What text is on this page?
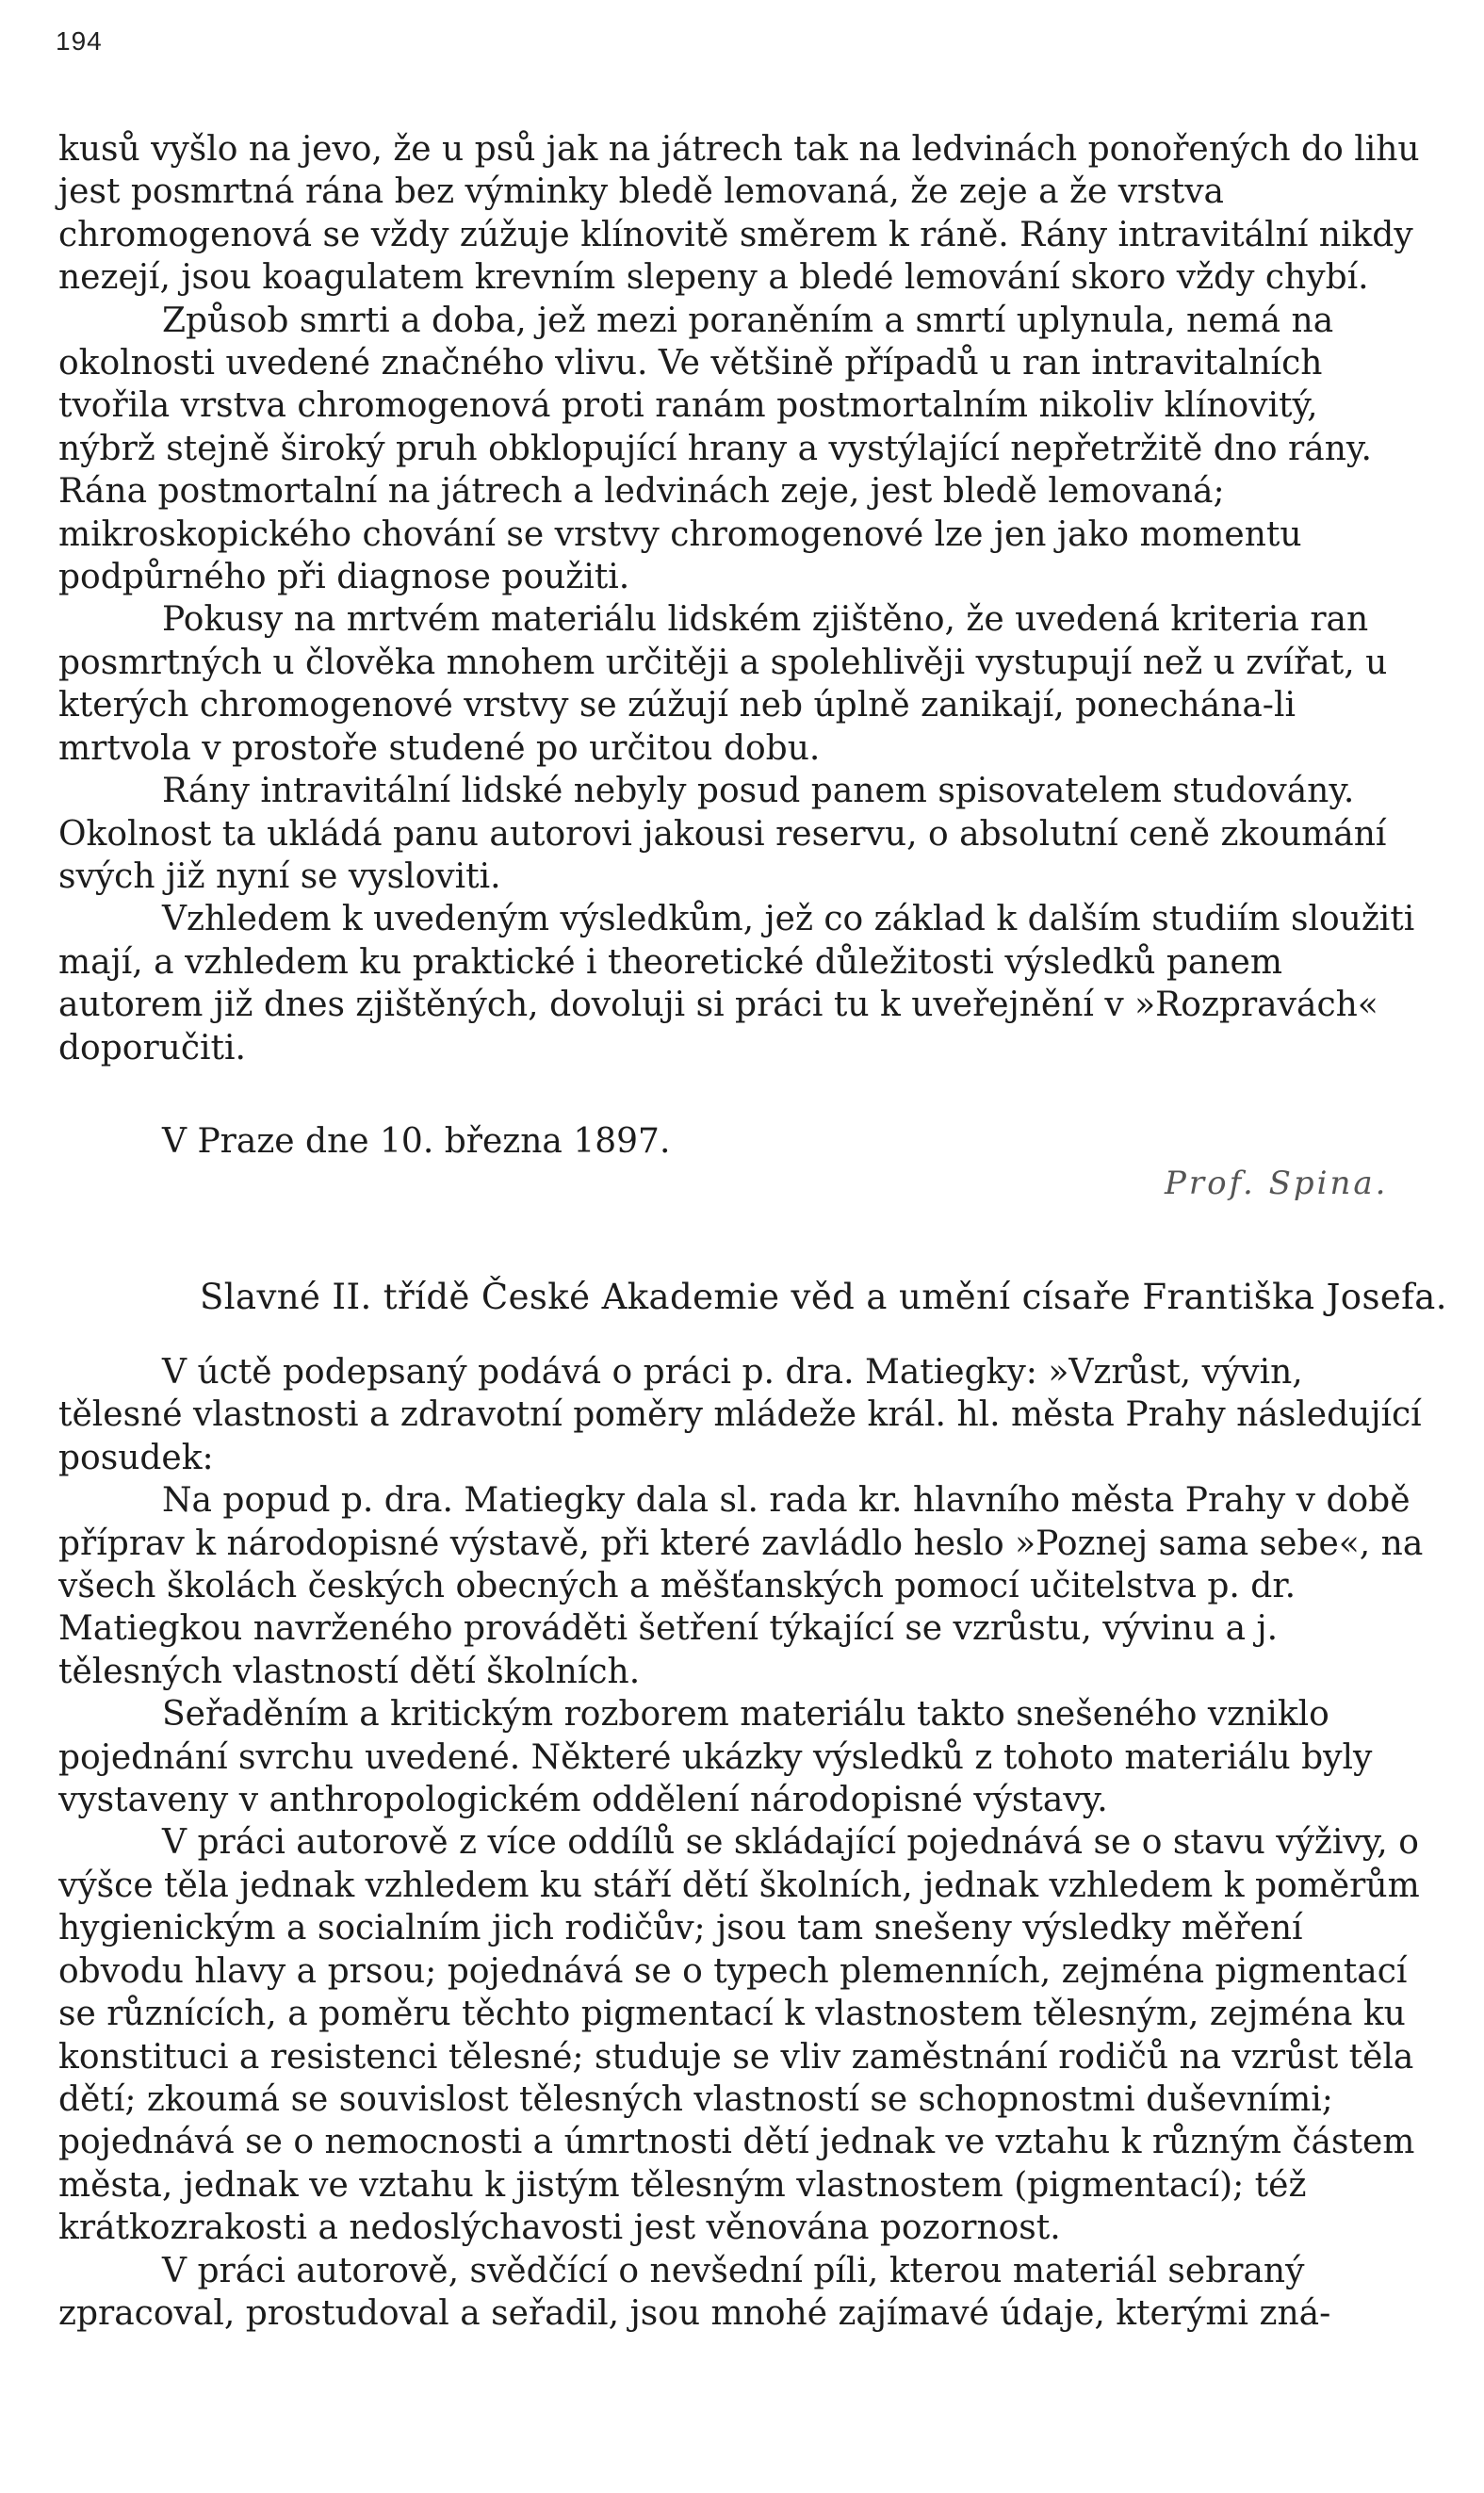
194

kusů vyšlo na jevo, že u psů jak na játrech tak na ledvinách ponořených do lihu jest posmrtná rána bez výminky bledě lemovaná, že zeje a že vrstva chromogenová se vždy zúžuje klínovitě směrem k ráně. Rány intravitální nikdy nezejí, jsou koagulatem krevním slepeny a bledé lemování skoro vždy chybí.

Způsob smrti a doba, jež mezi poraněním a smrtí uplynula, nemá na okolnosti uvedené značného vlivu. Ve většině případů u ran intravitalních tvořila vrstva chromogenová proti ranám postmortalním nikoliv klínovitý, nýbrž stejně široký pruh obklopující hrany a vystýlající nepřetržitě dno rány. Rána postmortalní na játrech a ledvinách zeje, jest bledě lemovaná; mikroskopického chování se vrstvy chromogenové lze jen jako momentu podpůrného při diagnose použiti.

Pokusy na mrtvém materiálu lidském zjištěno, že uvedená kriteria ran posmrtných u člověka mnohem určitěji a spolehlivěji vystupují než u zvířat, u kterých chromogenové vrstvy se zúžují neb úplně zanikají, ponechána-li mrtvola v prostoře studené po určitou dobu.

Rány intravitální lidské nebyly posud panem spisovatelem studovány. Okolnost ta ukládá panu autorovi jakousi reservu, o absolutní ceně zkoumání svých již nyní se vysloviti.

Vzhledem k uvedeným výsledkům, jež co základ k dalším studiím sloužiti mají, a vzhledem ku praktické i theoretické důležitosti výsledků panem autorem již dnes zjištěných, dovoluji si práci tu k uveřejnění v »Rozpravách« doporučiti.

V Praze dne 10. března 1897.
Prof. Spina.
Slavné II. třídě České Akademie věd a umění císaře Františka Josefa.

V úctě podepsaný podává o práci p. dra. Matiegky: »Vzrůst, vývin, tělesné vlastnosti a zdravotní poměry mládeže král. hl. města Prahy následující posudek:

Na popud p. dra. Matiegky dala sl. rada kr. hlavního města Prahy v době příprav k národopisné výstavě, při které zavládlo heslo »Poznej sama sebe«, na všech školách českých obecných a měšťanských pomocí učitelstva p. dr. Matiegkou navrženého prováděti šetření týkající se vzrůstu, vývinu a j. tělesných vlastností dětí školních.

Seřaděním a kritickým rozborem materiálu takto snešeného vzniklo pojednání svrchu uvedené. Některé ukázky výsledků z tohoto materiálu byly vystaveny v anthropologickém oddělení národopisné výstavy.

V práci autorově z více oddílů se skládající pojednává se o stavu výživy, o výšce těla jednak vzhledem ku stáří dětí školních, jednak vzhledem k poměrům hygienickým a socialním jich rodičův; jsou tam snešeny výsledky měření obvodu hlavy a prsou; pojednává se o typech plemenních, zejména pigmentací se různících, a poměru těchto pigmentací k vlastnostem tělesným, zejména ku konstituci a resistenci tělesné; studuje se vliv zaměstnání rodičů na vzrůst těla dětí; zkoumá se souvislost tělesných vlastností se schopnostmi duševními; pojednává se o nemocnosti a úmrtnosti dětí jednak ve vztahu k různým částem města, jednak ve vztahu k jistým tělesným vlastnostem (pigmentací); též krátkozrakosti a nedoslýchavosti jest věnována pozornost.

V práci autorově, svědčící o nevšední píli, kterou materiál sebraný zpracoval, prostudoval a seřadil, jsou mnohé zajímavé údaje, kterými zná-
